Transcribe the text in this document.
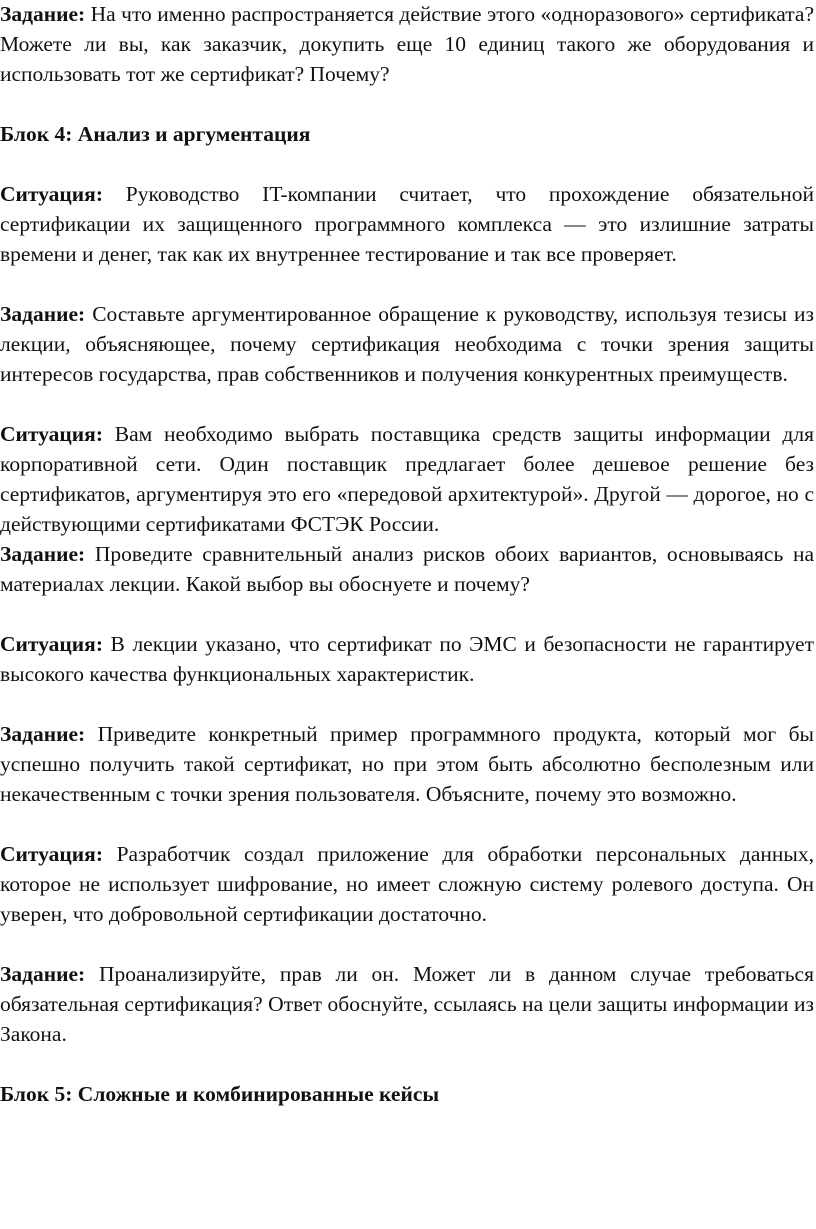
Задание: На что именно распространяется действие этого «одноразового» сертификата? Можете ли вы, как заказчик, докупить еще 10 единиц такого же оборудования и использовать тот же сертификат? Почему?

Блок 4: Анализ и аргументация

Ситуация: Руководство IT-компании считает, что прохождение обязательной сертификации их защищенного программного комплекса — это излишние затраты времени и денег, так как их внутреннее тестирование и так все проверяет.

Задание: Составьте аргументированное обращение к руководству, используя тезисы из лекции, объясняющее, почему сертификация необходима с точки зрения защиты интересов государства, прав собственников и получения конкурентных преимуществ.

Ситуация: Вам необходимо выбрать поставщика средств защиты информации для корпоративной сети. Один поставщик предлагает более дешевое решение без сертификатов, аргументируя это его «передовой архитектурой». Другой — дорогое, но с действующими сертификатами ФСТЭК России.

Задание: Проведите сравнительный анализ рисков обоих вариантов, основываясь на материалах лекции. Какой выбор вы обоснуете и почему?

Ситуация: В лекции указано, что сертификат по ЭМС и безопасности не гарантирует высокого качества функциональных характеристик.

Задание: Приведите конкретный пример программного продукта, который мог бы успешно получить такой сертификат, но при этом быть абсолютно бесполезным или некачественным с точки зрения пользователя. Объясните, почему это возможно.

Ситуация: Разработчик создал приложение для обработки персональных данных, которое не использует шифрование, но имеет сложную систему ролевого доступа. Он уверен, что добровольной сертификации достаточно.

Задание: Проанализируйте, прав ли он. Может ли в данном случае требоваться обязательная сертификация? Ответ обоснуйте, ссылаясь на цели защиты информации из Закона.

Блок 5: Сложные и комбинированные кейсы
